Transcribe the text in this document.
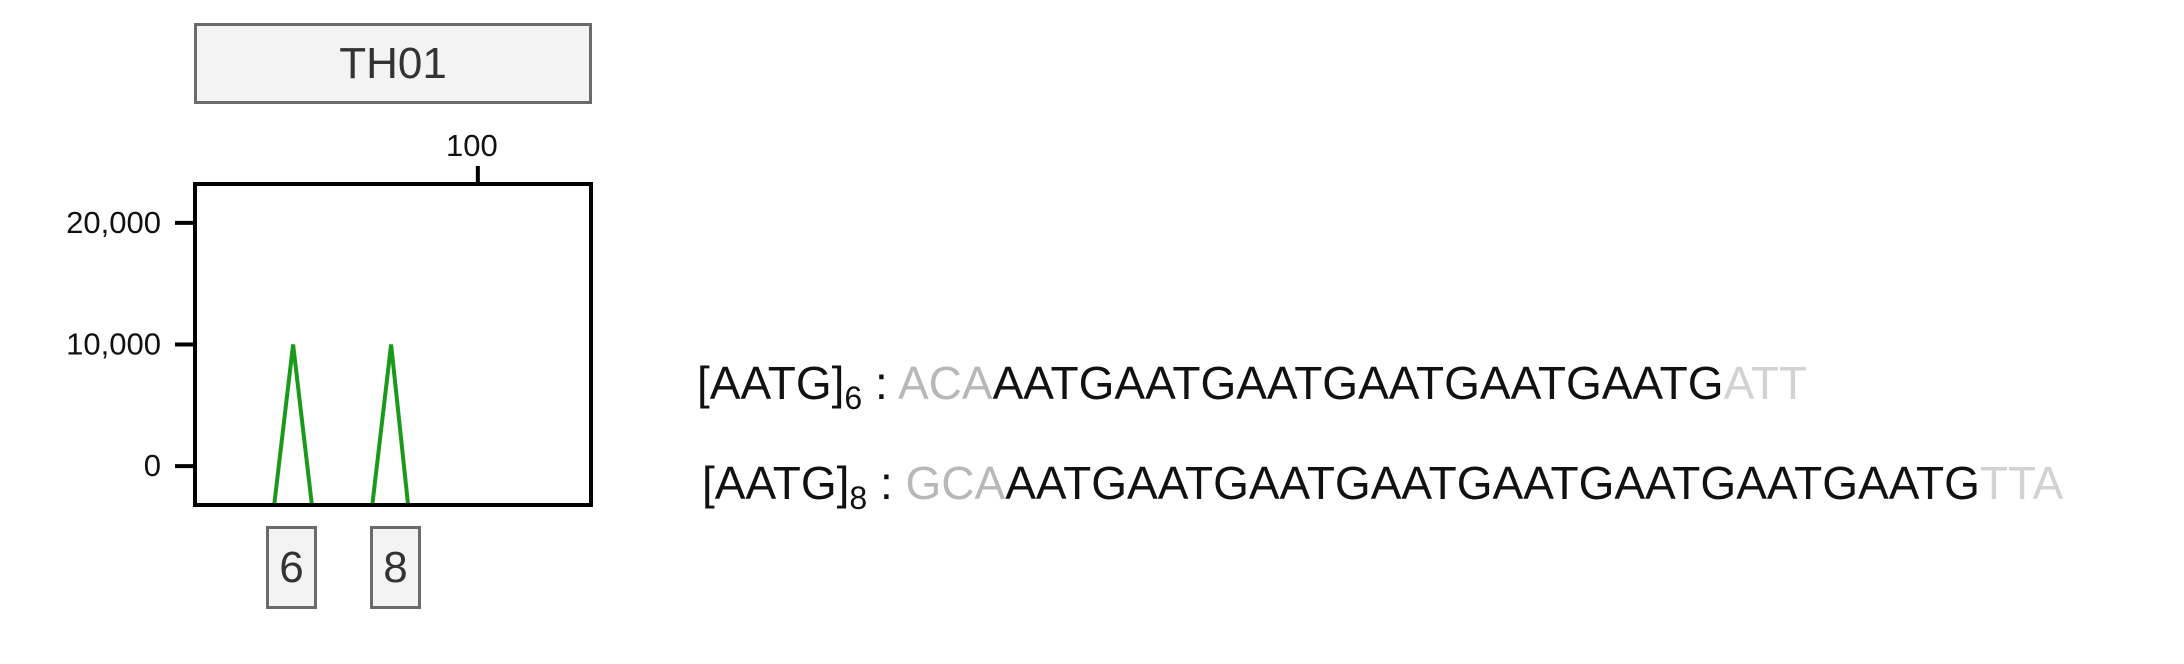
TH01
0
10,000
20,000
100
6 8
$[AATG]_6$ : ACAAATGAATGAATGAATGAATGAATGATT
$[AATG]_8$ : GCAAATGAATGAATGAATGAATGAATGAATGAATGTTA
